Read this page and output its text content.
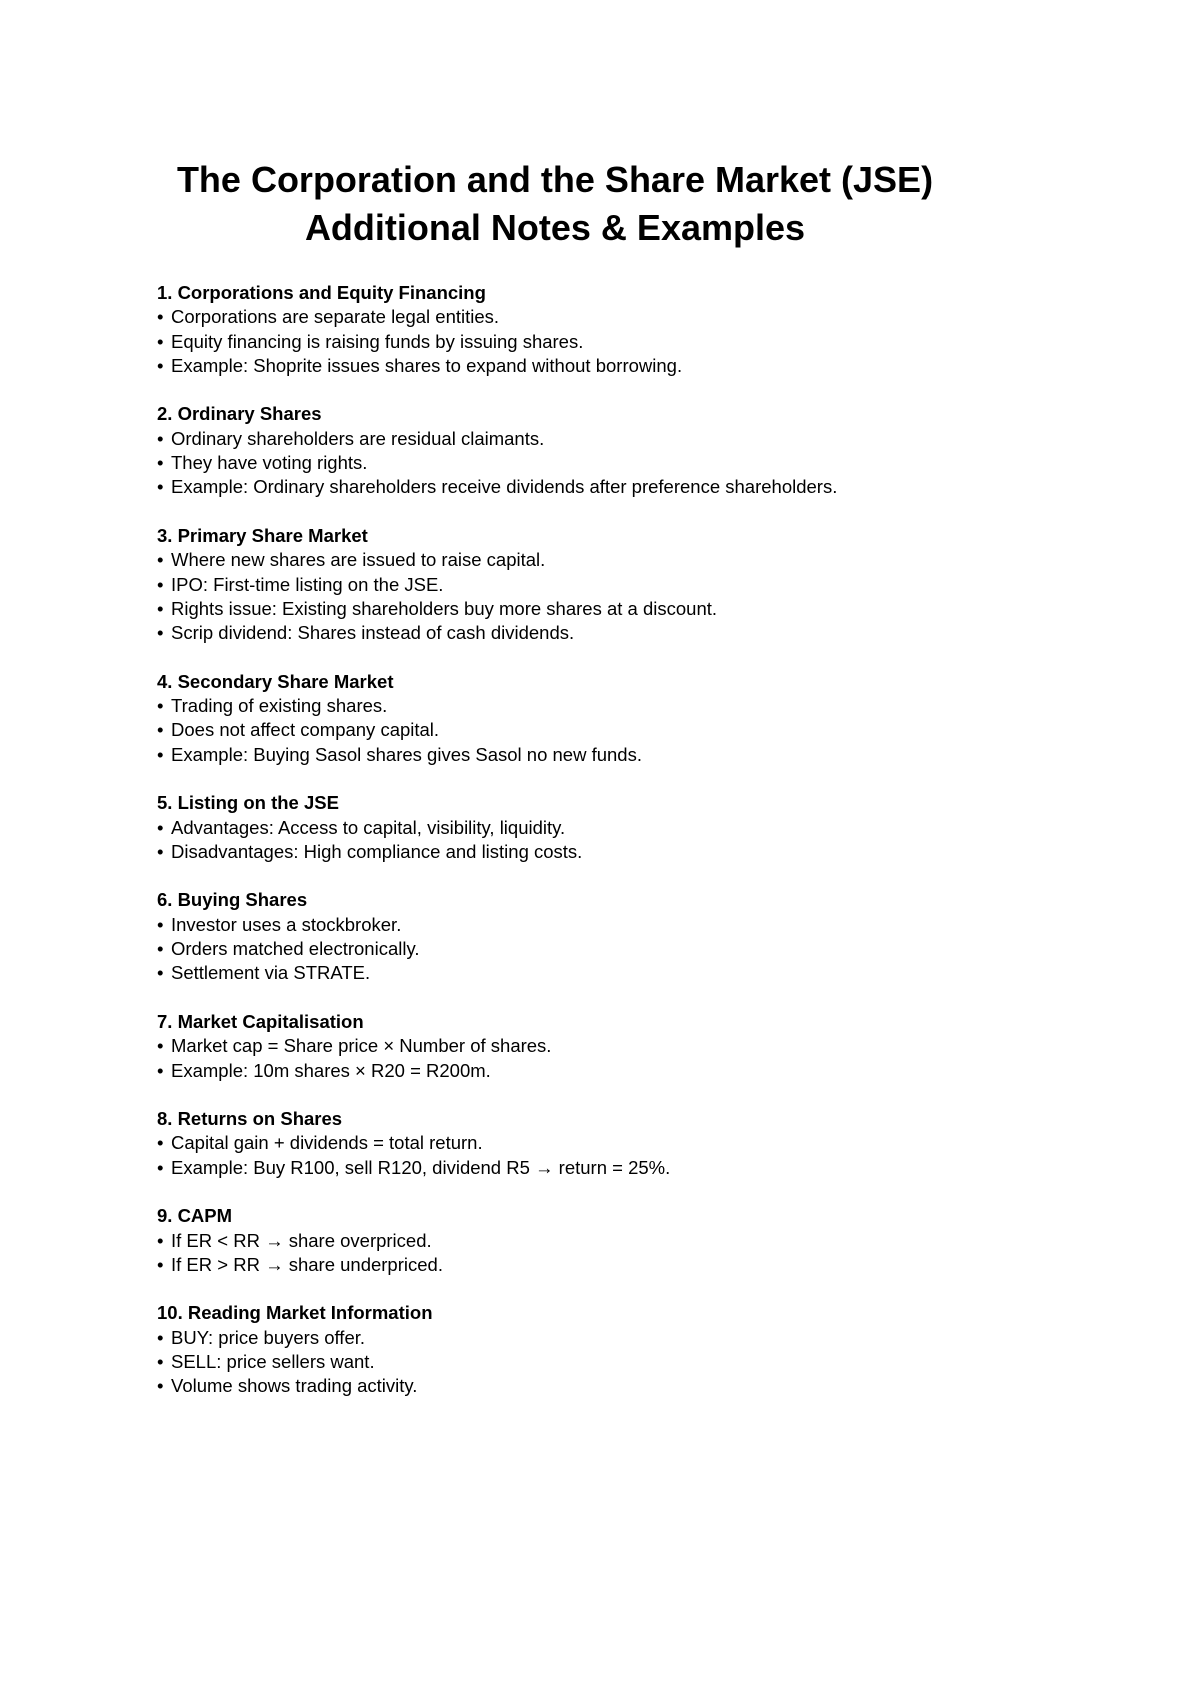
The Corporation and the Share Market (JSE)

Additional Notes & Examples

1. Corporations and Equity Financing

• Corporations are separate legal entities.

• Equity financing is raising funds by issuing shares.

• Example: Shoprite issues shares to expand without borrowing.

2. Ordinary Shares

• Ordinary shareholders are residual claimants.

• They have voting rights.

• Example: Ordinary shareholders receive dividends after preference shareholders.

3. Primary Share Market

• Where new shares are issued to raise capital.

• IPO: First-time listing on the JSE.

• Rights issue: Existing shareholders buy more shares at a discount.

• Scrip dividend: Shares instead of cash dividends.

4. Secondary Share Market

• Trading of existing shares.

• Does not affect company capital.

• Example: Buying Sasol shares gives Sasol no new funds.

5. Listing on the JSE

• Advantages: Access to capital, visibility, liquidity.

• Disadvantages: High compliance and listing costs.

6. Buying Shares

• Investor uses a stockbroker.

• Orders matched electronically.

• Settlement via STRATE.

7. Market Capitalisation

• Market cap = Share price × Number of shares.

• Example: 10m shares × R20 = R200m.

8. Returns on Shares

• Capital gain + dividends = total return.

• Example: Buy R100, sell R120, dividend R5 → return = 25%.

9. CAPM

• If ER < RR → share overpriced.

• If ER > RR → share underpriced.

10. Reading Market Information

• BUY: price buyers offer.

• SELL: price sellers want.

• Volume shows trading activity.
